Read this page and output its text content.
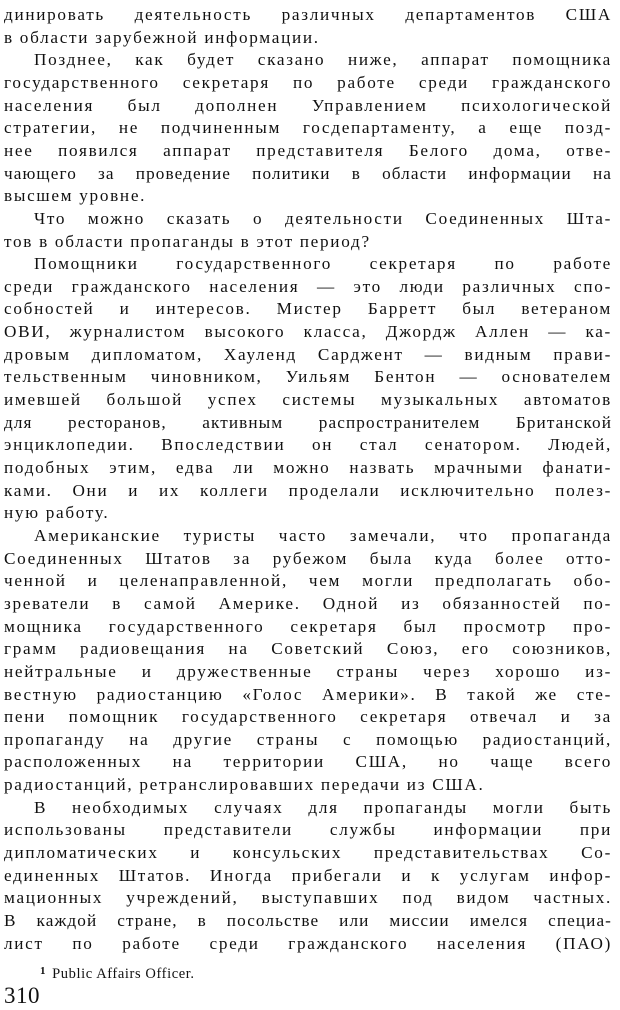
динировать деятельность различных департаментов США
в области зарубежной информации.
Позднее, как будет сказано ниже, аппарат помощника
государственного секретаря по работе среди гражданского
населения был дополнен Управлением психологической
стратегии, не подчиненным госдепартаменту, а еще позд-
нее появился аппарат представителя Белого дома, отве-
чающего за проведение политики в области информации на
высшем уровне.
Что можно сказать о деятельности Соединенных Шта-
тов в области пропаганды в этот период?
Помощники государственного секретаря по работе
среди гражданского населения — это люди различных спо-
собностей и интересов. Мистер Барретт был ветераном
ОВИ, журналистом высокого класса, Джордж Аллен — ка-
дровым дипломатом, Хауленд Сарджент — видным прави-
тельственным чиновником, Уильям Бентон — основателем
имевшей большой успех системы музыкальных автоматов
для ресторанов, активным распространителем Британской
энциклопедии. Впоследствии он стал сенатором. Людей,
подобных этим, едва ли можно назвать мрачными фанати-
ками. Они и их коллеги проделали исключительно полез-
ную работу.
Американские туристы часто замечали, что пропаганда
Соединенных Штатов за рубежом была куда более отто-
ченной и целенаправленной, чем могли предполагать обо-
зреватели в самой Америке. Одной из обязанностей по-
мощника государственного секретаря был просмотр про-
грамм радиовещания на Советский Союз, его союзников,
нейтральные и дружественные страны через хорошо из-
вестную радиостанцию «Голос Америки». В такой же сте-
пени помощник государственного секретаря отвечал и за
пропаганду на другие страны с помощью радиостанций,
расположенных на территории США, но чаще всего
радиостанций, ретранслировавших передачи из США.
В необходимых случаях для пропаганды могли быть
использованы представители службы информации при
дипломатических и консульских представительствах Со-
единенных Штатов. Иногда прибегали и к услугам инфор-
мационных учреждений, выступавших под видом частных.
В каждой стране, в посольстве или миссии имелся специа-
лист по работе среди гражданского населения (ПАО)
$^1$ Public Affairs Officer.
310
